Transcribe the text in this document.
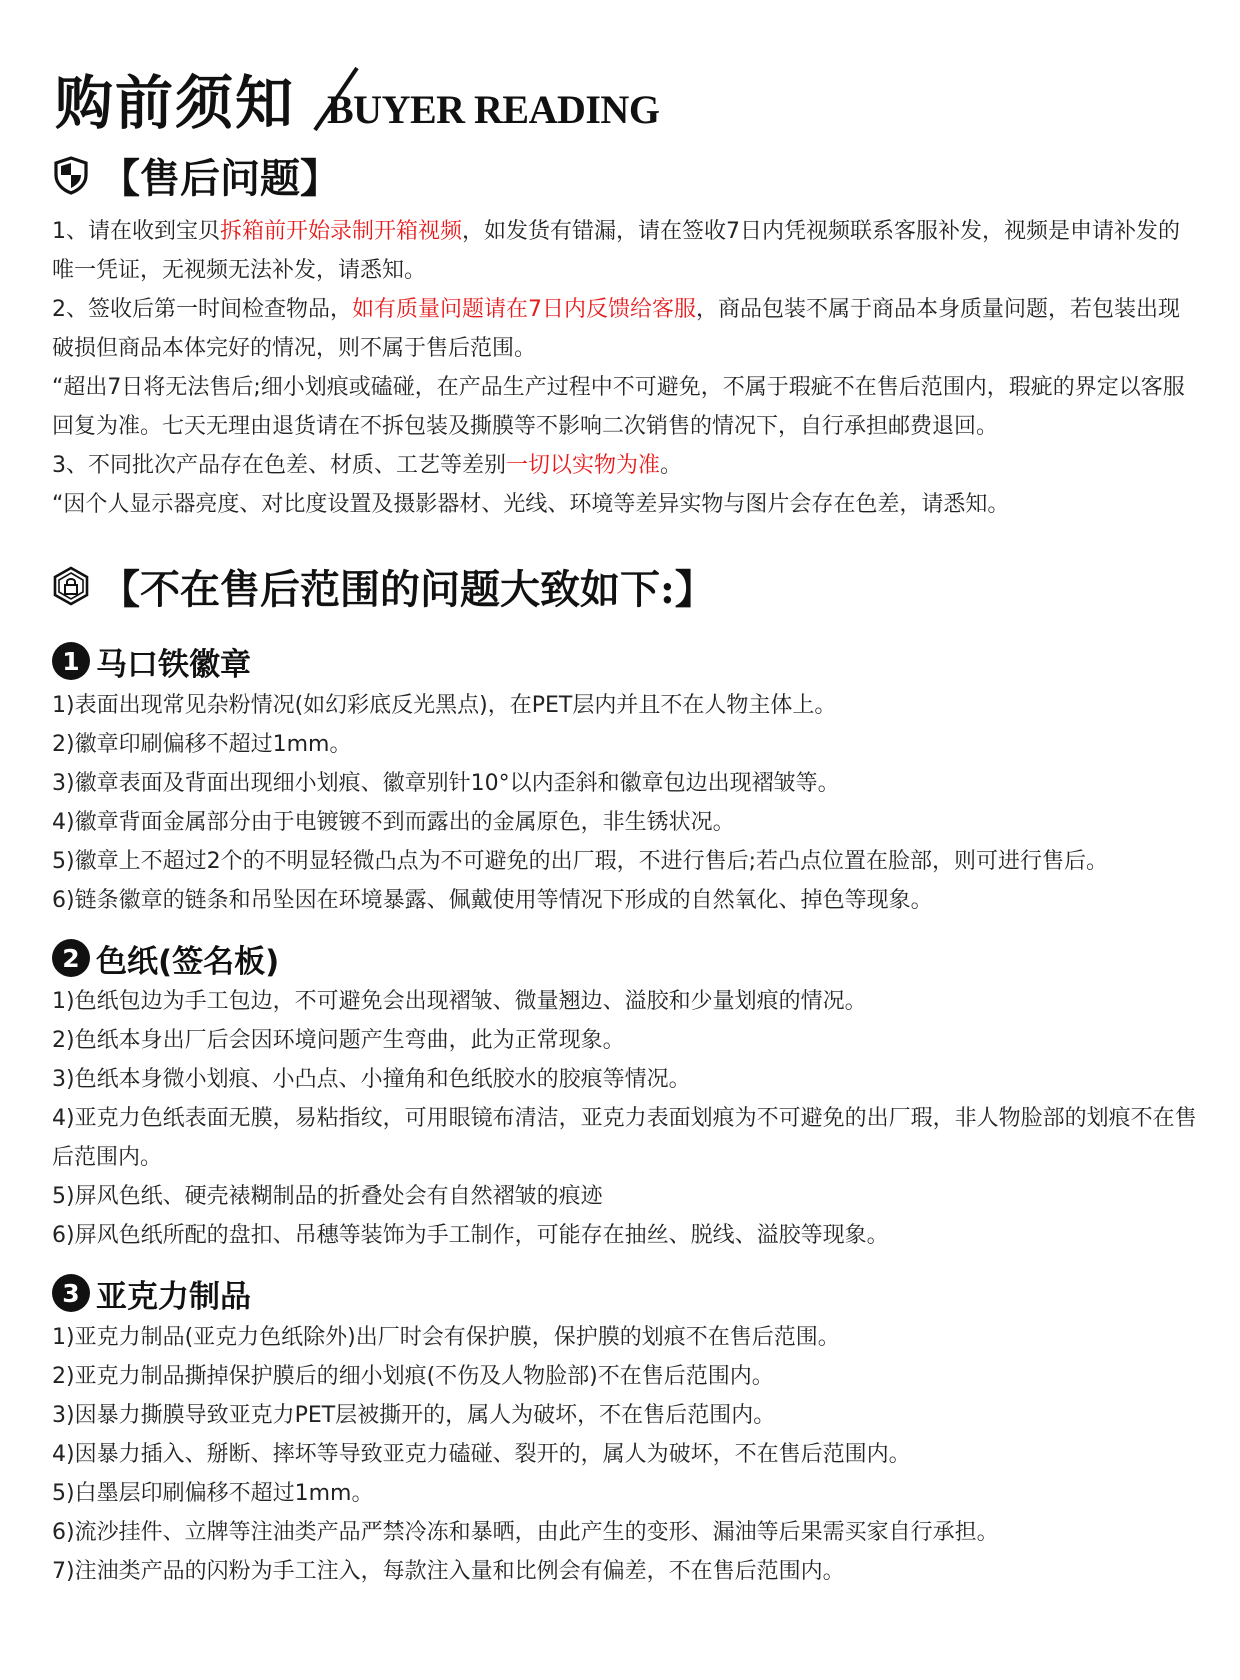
购前须知 BUYER READING
【售后问题】

1、请在收到宝贝拆箱前开始录制开箱视频，如发货有错漏，请在签收7日内凭视频联系客服补发，视频是申请补发的唯一凭证，无视频无法补发，请悉知。

2、签收后第一时间检查物品，如有质量问题请在7日内反馈给客服，商品包装不属于商品本身质量问题，若包装出现破损但商品本体完好的情况，则不属于售后范围。

“超出7日将无法售后;细小划痕或磕碰，在产品生产过程中不可避免，不属于瑕疵不在售后范围内，瑕疵的界定以客服回复为准。七天无理由退货请在不拆包装及撕膜等不影响二次销售的情况下，自行承担邮费退回。

3、不同批次产品存在色差、材质、工艺等差别一切以实物为准。

“因个人显示器亮度、对比度设置及摄影器材、光线、环境等差异实物与图片会存在色差，请悉知。

【不在售后范围的问题大致如下:】
1 马口铁徽章
1)表面出现常见杂粉情况(如幻彩底反光黑点)，在PET层内并且不在人物主体上。
2)徽章印刷偏移不超过1mm。
3)徽章表面及背面出现细小划痕、徽章别针10°以内歪斜和徽章包边出现褶皱等。
4)徽章背面金属部分由于电镀镀不到而露出的金属原色，非生锈状况。
5)徽章上不超过2个的不明显轻微凸点为不可避免的出厂瑕，不进行售后;若凸点位置在脸部，则可进行售后。
6)链条徽章的链条和吊坠因在环境暴露、佩戴使用等情况下形成的自然氧化、掉色等现象。
2 色纸(签名板)
1)色纸包边为手工包边，不可避免会出现褶皱、微量翘边、溢胶和少量划痕的情况。
2)色纸本身出厂后会因环境问题产生弯曲，此为正常现象。
3)色纸本身微小划痕、小凸点、小撞角和色纸胶水的胶痕等情况。
4)亚克力色纸表面无膜，易粘指纹，可用眼镜布清洁，亚克力表面划痕为不可避免的出厂瑕，非人物脸部的划痕不在售后范围内。
5)屏风色纸、硬壳裱糊制品的折叠处会有自然褶皱的痕迹
6)屏风色纸所配的盘扣、吊穗等装饰为手工制作，可能存在抽丝、脱线、溢胶等现象。
3 亚克力制品
1)亚克力制品(亚克力色纸除外)出厂时会有保护膜，保护膜的划痕不在售后范围。
2)亚克力制品撕掉保护膜后的细小划痕(不伤及人物脸部)不在售后范围内。
3)因暴力撕膜导致亚克力PET层被撕开的，属人为破坏，不在售后范围内。
4)因暴力插入、掰断、摔坏等导致亚克力磕碰、裂开的，属人为破坏，不在售后范围内。
5)白墨层印刷偏移不超过1mm。
6)流沙挂件、立牌等注油类产品严禁冷冻和暴晒，由此产生的变形、漏油等后果需买家自行承担。
7)注油类产品的闪粉为手工注入，每款注入量和比例会有偏差，不在售后范围内。
